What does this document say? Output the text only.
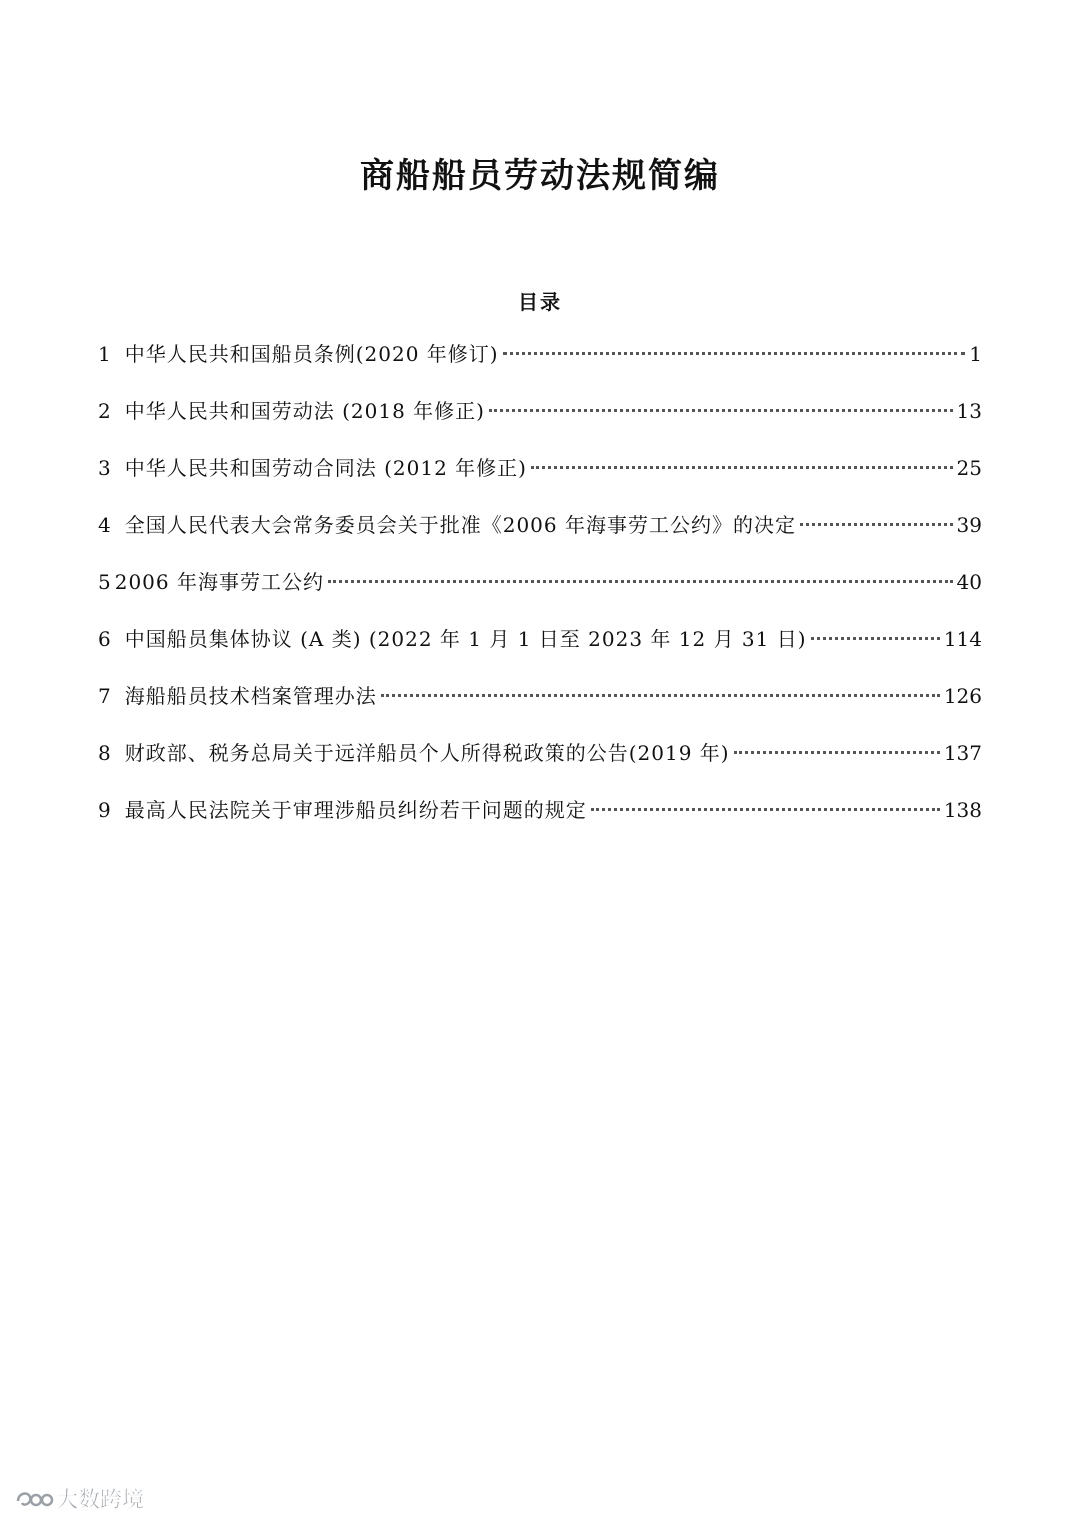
商船船员劳动法规简编
目录
1 中华人民共和国船员条例(2020 年修订)	1
2 中华人民共和国劳动法 (2018 年修正)	13
3 中华人民共和国劳动合同法 (2012 年修正)	25
4 全国人民代表大会常务委员会关于批准《2006 年海事劳工公约》的决定	39
5 2006 年海事劳工公约	40
6 中国船员集体协议 (A 类) (2022 年 1 月 1 日至 2023 年 12 月 31 日)	114
7 海船船员技术档案管理办法	126
8 财政部、税务总局关于远洋船员个人所得税政策的公告(2019 年)	137
9 最高人民法院关于审理涉船员纠纷若干问题的规定	138
大数跨境
